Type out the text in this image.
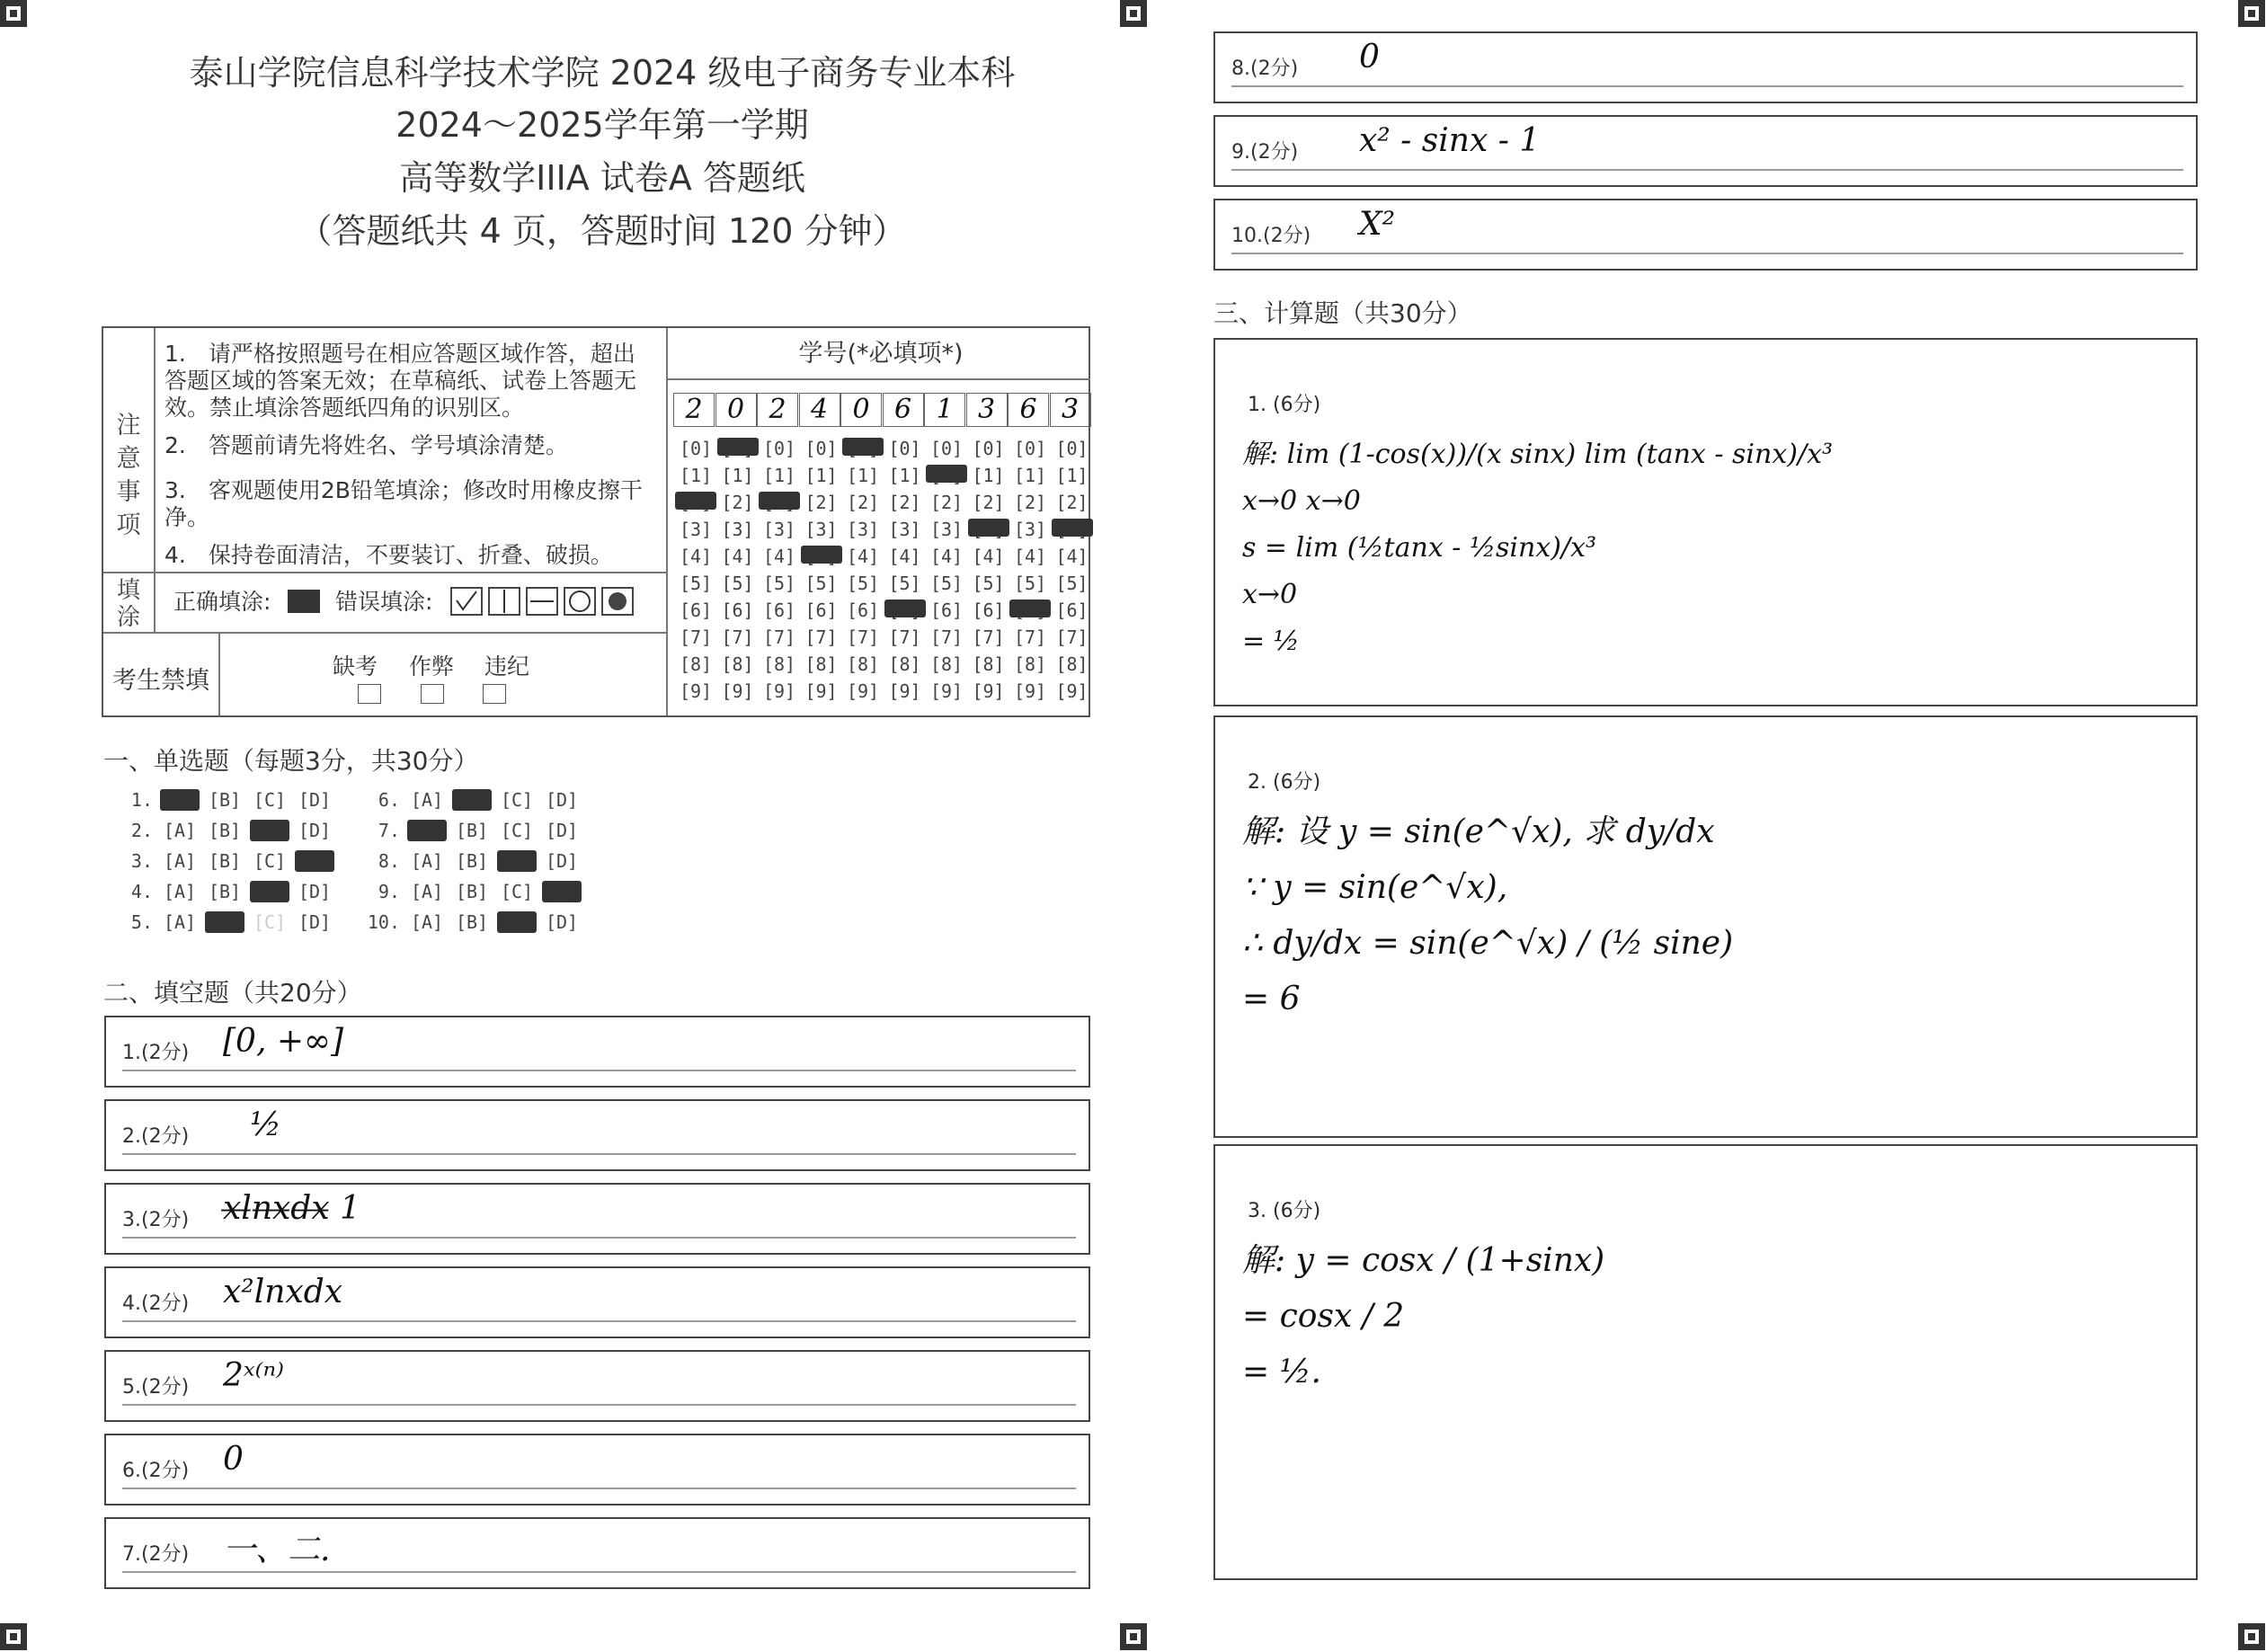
泰山学院信息科学技术学院 2024 级电子商务专业本科
2024～2025学年第一学期
高等数学IIIA 试卷A 答题纸
（答题纸共 4 页，答题时间 120 分钟）
注意事项
1.　请严格按照题号在相应答题区域作答，超出答题区域的答案无效；在草稿纸、试卷上答题无效。禁止填涂答题纸四角的识别区。
2.　答题前请先将姓名、学号填涂清楚。
3.　客观题使用2B铅笔填涂；修改时用橡皮擦干净。
4.　保持卷面清洁，不要装订、折叠、破损。
填涂
正确填涂:	错误填涂:
考生禁填
缺考 作弊 违纪
学号(*必填项*)
2 0 2 4 0 6 1 3 6 3
[0]
[1]
[2]
[3]
[4]
[5]
[6]
[7]
[8]
[9]
[0]
[1]
[2]
[3]
[4]
[5]
[6]
[7]
[8]
[9]
[0]
[1]
[2]
[3]
[4]
[5]
[6]
[7]
[8]
[9]
[0]
[1]
[2]
[3]
[4]
[5]
[6]
[7]
[8]
[9]
[0]
[1]
[2]
[3]
[4]
[5]
[6]
[7]
[8]
[9]
[0]
[1]
[2]
[3]
[4]
[5]
[6]
[7]
[8]
[9]
[0]
[1]
[2]
[3]
[4]
[5]
[6]
[7]
[8]
[9]
[0]
[1]
[2]
[3]
[4]
[5]
[6]
[7]
[8]
[9]
[0]
[1]
[2]
[3]
[4]
[5]
[6]
[7]
[8]
[9]
[0]
[1]
[2]
[3]
[4]
[5]
[6]
[7]
[8]
[9]
一、单选题（每题3分，共30分）
1. [A] [B] [C] [D]
2. [A] [B] [C] [D]
3. [A] [B] [C] [D]
4. [A] [B] [C] [D]
5. [A] [B] [C] [D]
6. [A] [B] [C] [D]
7. [A] [B] [C] [D]
8. [A] [B] [C] [D]
9. [A] [B] [C] [D]
10. [A] [B] [C] [D]
二、填空题（共20分）
1.(2分) [0, +∞]
2.(2分) ½
3.(2分) x̶l̶n̶x̶d̶x̶ 1
4.(2分) x²lnxdx
5.(2分) 2ˣ⁽ⁿ⁾
6.(2分) 0
7.(2分) 一、二.
8.(2分) 0
9.(2分) x² - sinx - 1
10.(2分) X²
三、计算题（共30分）
1. (6分)
解: lim (1-cos(x))/(x sinx) lim (tanx - sinx)/x³
x→0 x→0
s = lim (½tanx - ½sinx)/x³
x→0
= ½
2. (6分)
解: 设 y = sin(e^√x), 求 dy/dx
∵ y = sin(e^√x),
∴ dy/dx = sin(e^√x) / (½ sine)
= 6
3. (6分)
解: y = cosx / (1+sinx)
= cosx / 2
= ½.
